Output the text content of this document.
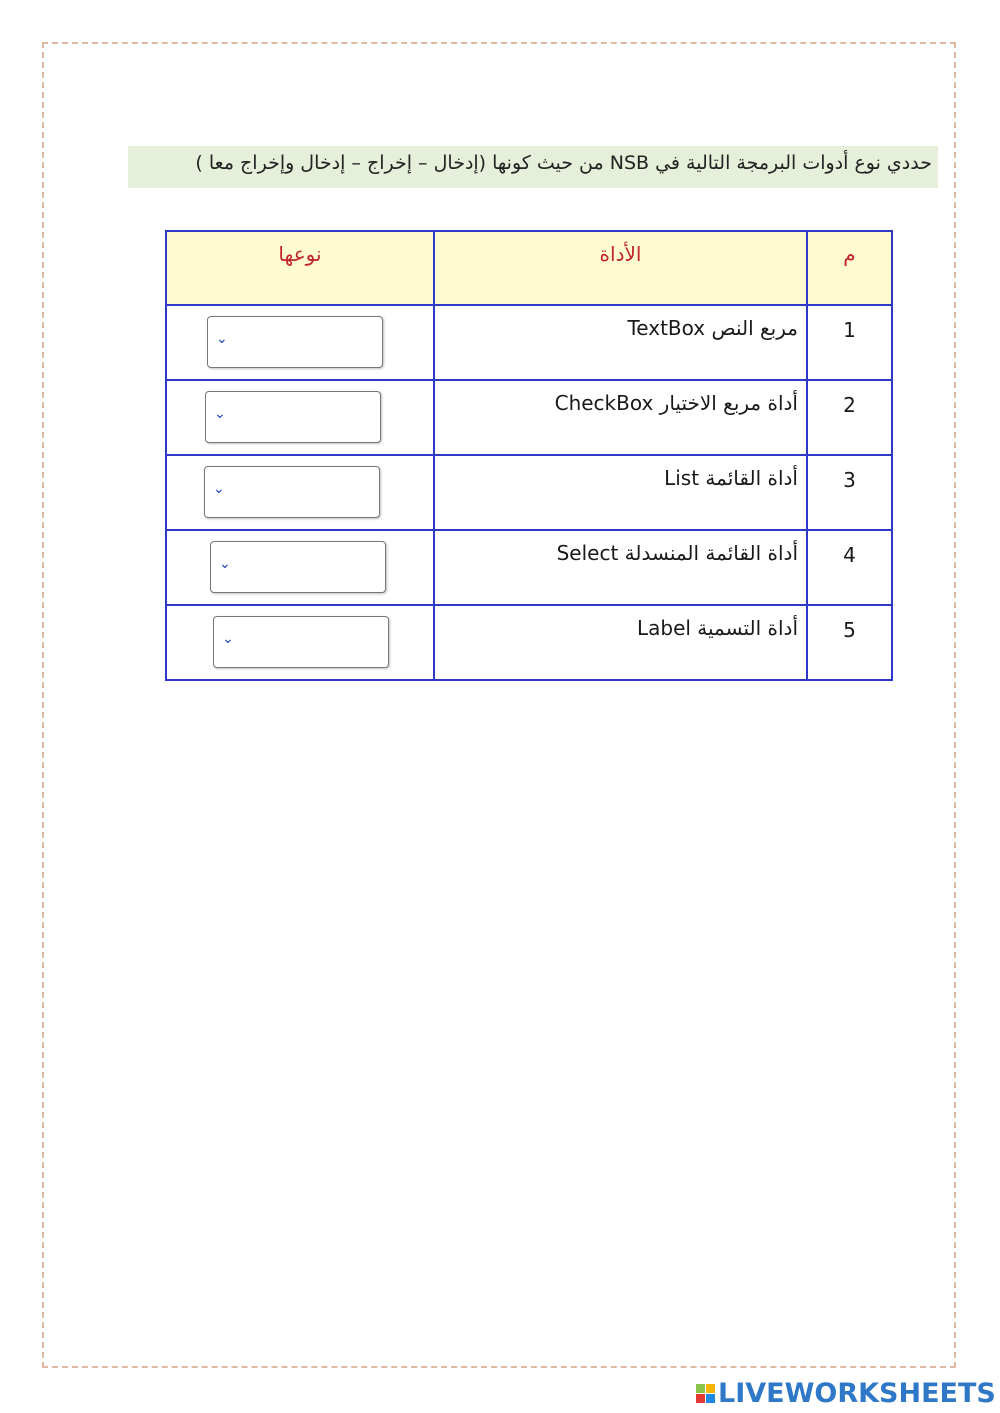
حددي نوع أدوات البرمجة التالية في NSB من حيث كونها (إدخال – إخراج – إدخال وإخراج معا )
م	الأداة	نوعها
1	مربع النص TextBox	⌄

2	أداة مربع الاختيار CheckBox	⌄

3	أداة القائمة List	⌄

4	أداة القائمة المنسدلة Select	⌄

5	أداة التسمية Label	⌄
LIVEWORKSHEETS
